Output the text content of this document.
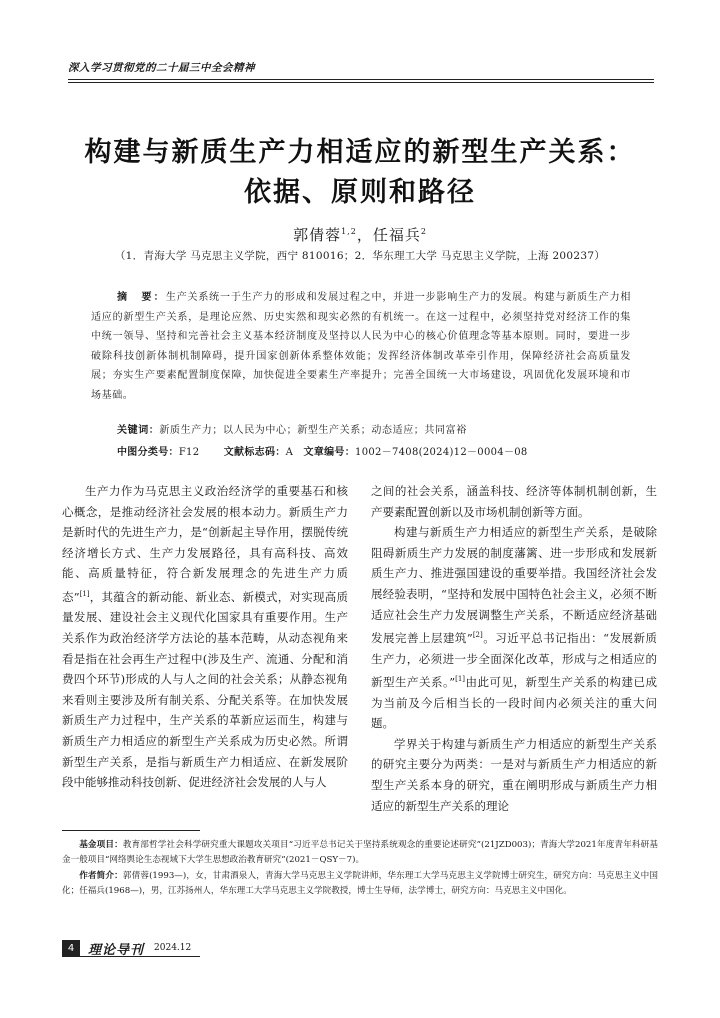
深入学习贯彻党的二十届三中全会精神
构建与新质生产力相适应的新型生产关系：
依据、原则和路径
郭倩蓉$^{1,2}$，任福兵$^2$
（1．青海大学 马克思主义学院，西宁 810016；2．华东理工大学 马克思主义学院，上海 200237）
摘　要：生产关系统一于生产力的形成和发展过程之中，并进一步影响生产力的发展。构建与新质生产力相适应的新型生产关系，是理论应然、历史实然和现实必然的有机统一。在这一过程中，必须坚持党对经济工作的集中统一领导、坚持和完善社会主义基本经济制度及坚持以人民为中心的核心价值理念等基本原则。同时，要进一步破除科技创新体制机制障碍，提升国家创新体系整体效能；发挥经济体制改革牵引作用，保障经济社会高质量发展；夯实生产要素配置制度保障，加快促进全要素生产率提升；完善全国统一大市场建设，巩固优化发展环境和市场基础。
关键词：新质生产力；以人民为中心；新型生产关系；动态适应；共同富裕
中图分类号：F12 文献标志码：A 文章编号：1002－7408(2024)12－0004－08

生产力作为马克思主义政治经济学的重要基石和核心概念，是推动经济社会发展的根本动力。新质生产力是新时代的先进生产力，是“创新起主导作用，摆脱传统经济增长方式、生产力发展路径，具有高科技、高效能、高质量特征，符合新发展理念的先进生产力质态”[1]，其蕴含的新动能、新业态、新模式，对实现高质量发展、建设社会主义现代化国家具有重要作用。生产关系作为政治经济学方法论的基本范畴，从动态视角来看是指在社会再生产过程中(涉及生产、流通、分配和消费四个环节)形成的人与人之间的社会关系；从静态视角来看则主要涉及所有制关系、分配关系等。在加快发展新质生产力过程中，生产关系的革新应运而生，构建与新质生产力相适应的新型生产关系成为历史必然。所谓新型生产关系，是指与新质生产力相适应、在新发展阶段中能够推动科技创新、促进经济社会发展的人与人

之间的社会关系，涵盖科技、经济等体制机制创新，生产要素配置创新以及市场机制创新等方面。

构建与新质生产力相适应的新型生产关系，是破除阻碍新质生产力发展的制度藩篱、进一步形成和发展新质生产力、推进强国建设的重要举措。我国经济社会发展经验表明，“坚持和发展中国特色社会主义，必须不断适应社会生产力发展调整生产关系，不断适应经济基础发展完善上层建筑”[2]。习近平总书记指出：“发展新质生产力，必须进一步全面深化改革，形成与之相适应的新型生产关系。”[1]由此可见，新型生产关系的构建已成为当前及今后相当长的一段时间内必须关注的重大问题。

学界关于构建与新质生产力相适应的新型生产关系的研究主要分为两类：一是对与新质生产力相适应的新型生产关系本身的研究，重在阐明形成与新质生产力相适应的新型生产关系的理论

基金项目：教育部哲学社会科学研究重大课题攻关项目“习近平总书记关于坚持系统观念的重要论述研究”(21JZD003)；青海大学2021年度青年科研基金一般项目“网络舆论生态视域下大学生思想政治教育研究”(2021－QSY－7)。

作者简介：郭倩蓉(1993—)，女，甘肃酒泉人，青海大学马克思主义学院讲师，华东理工大学马克思主义学院博士研究生，研究方向：马克思主义中国化；任福兵(1968—)，男，江苏扬州人，华东理工大学马克思主义学院教授，博士生导师，法学博士，研究方向：马克思主义中国化。

4	理论导刊 2024.12
